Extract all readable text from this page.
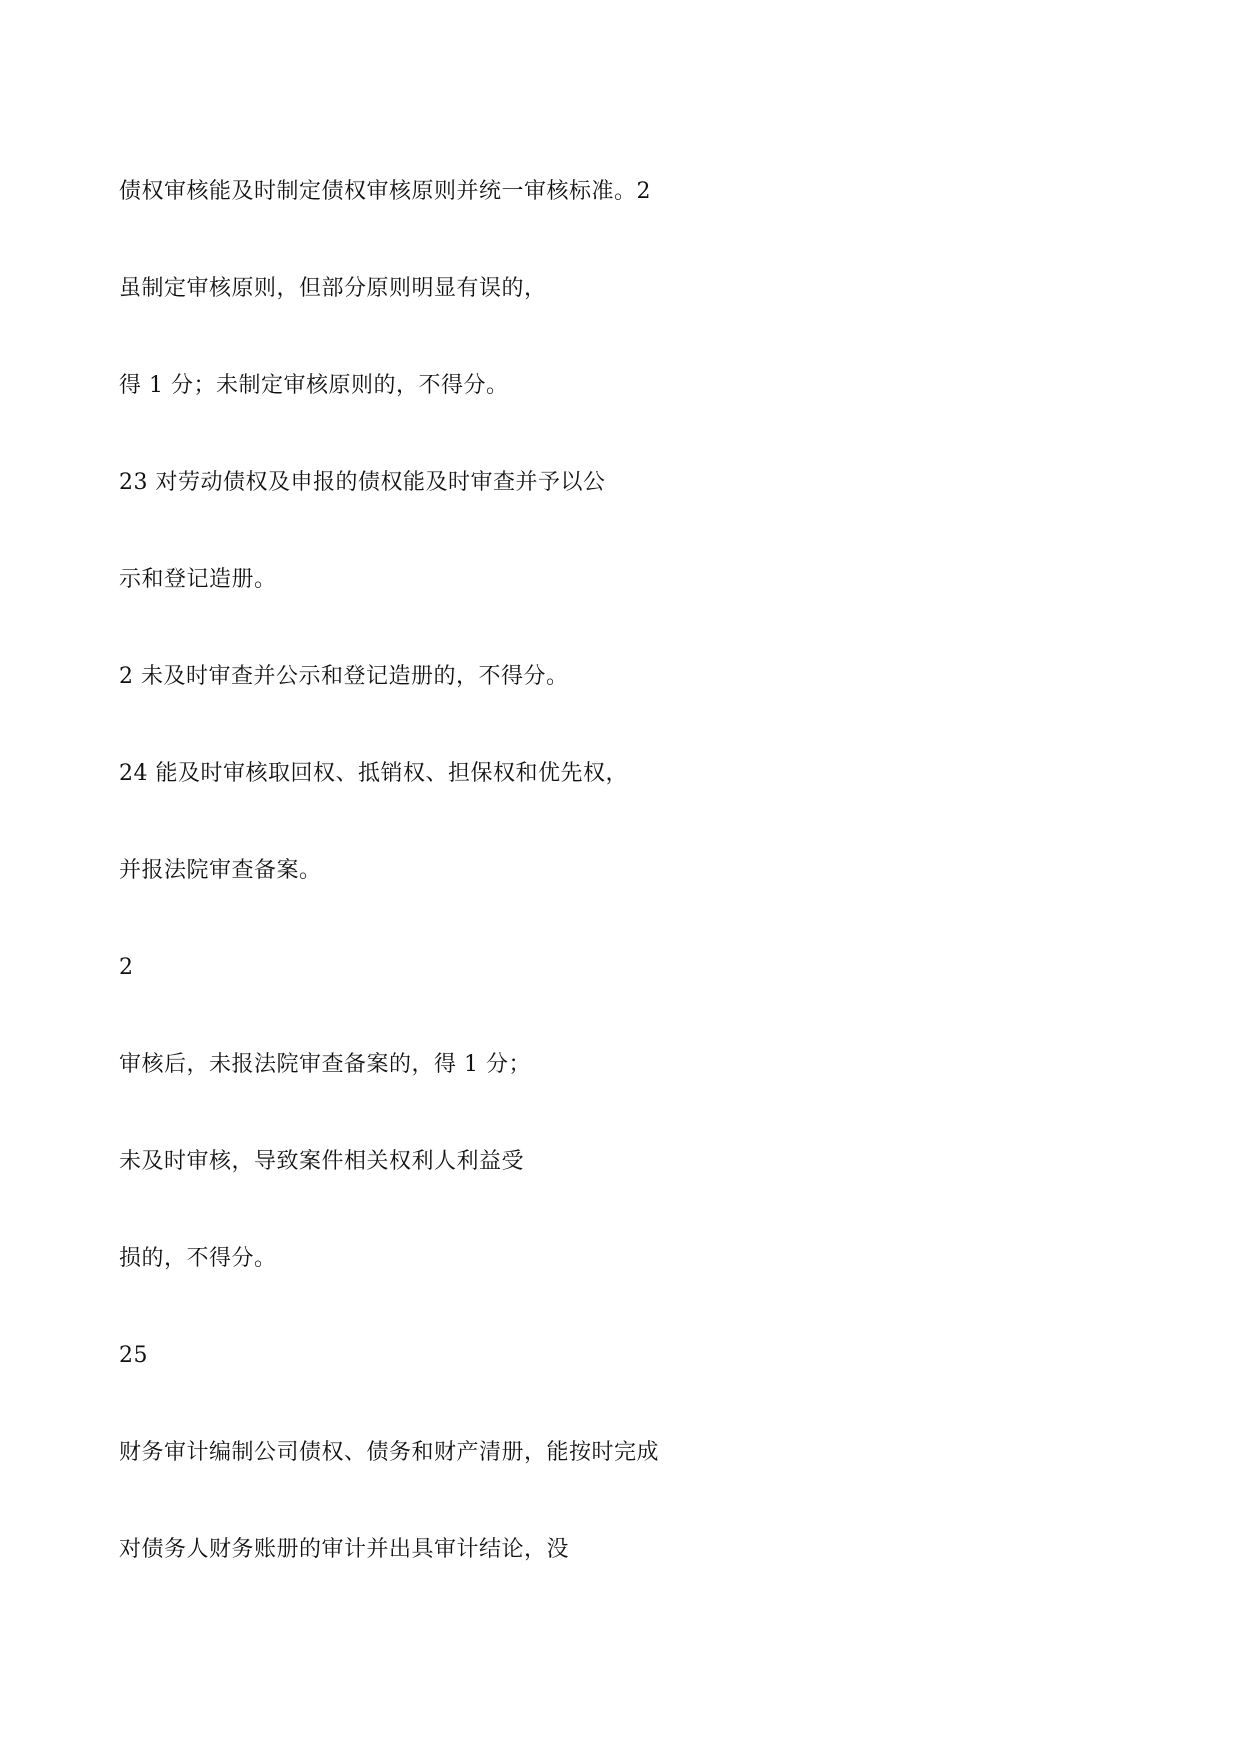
债权审核能及时制定债权审核原则并统一审核标准。2

虽制定审核原则，但部分原则明显有误的，

得 1 分；未制定审核原则的，不得分。

23 对劳动债权及申报的债权能及时审查并予以公

示和登记造册。

2 未及时审查并公示和登记造册的，不得分。

24 能及时审核取回权、抵销权、担保权和优先权，

并报法院审查备案。

2

审核后，未报法院审查备案的，得 1 分；

未及时审核，导致案件相关权利人利益受

损的，不得分。

25

财务审计编制公司债权、债务和财产清册，能按时完成

对债务人财务账册的审计并出具审计结论，没
